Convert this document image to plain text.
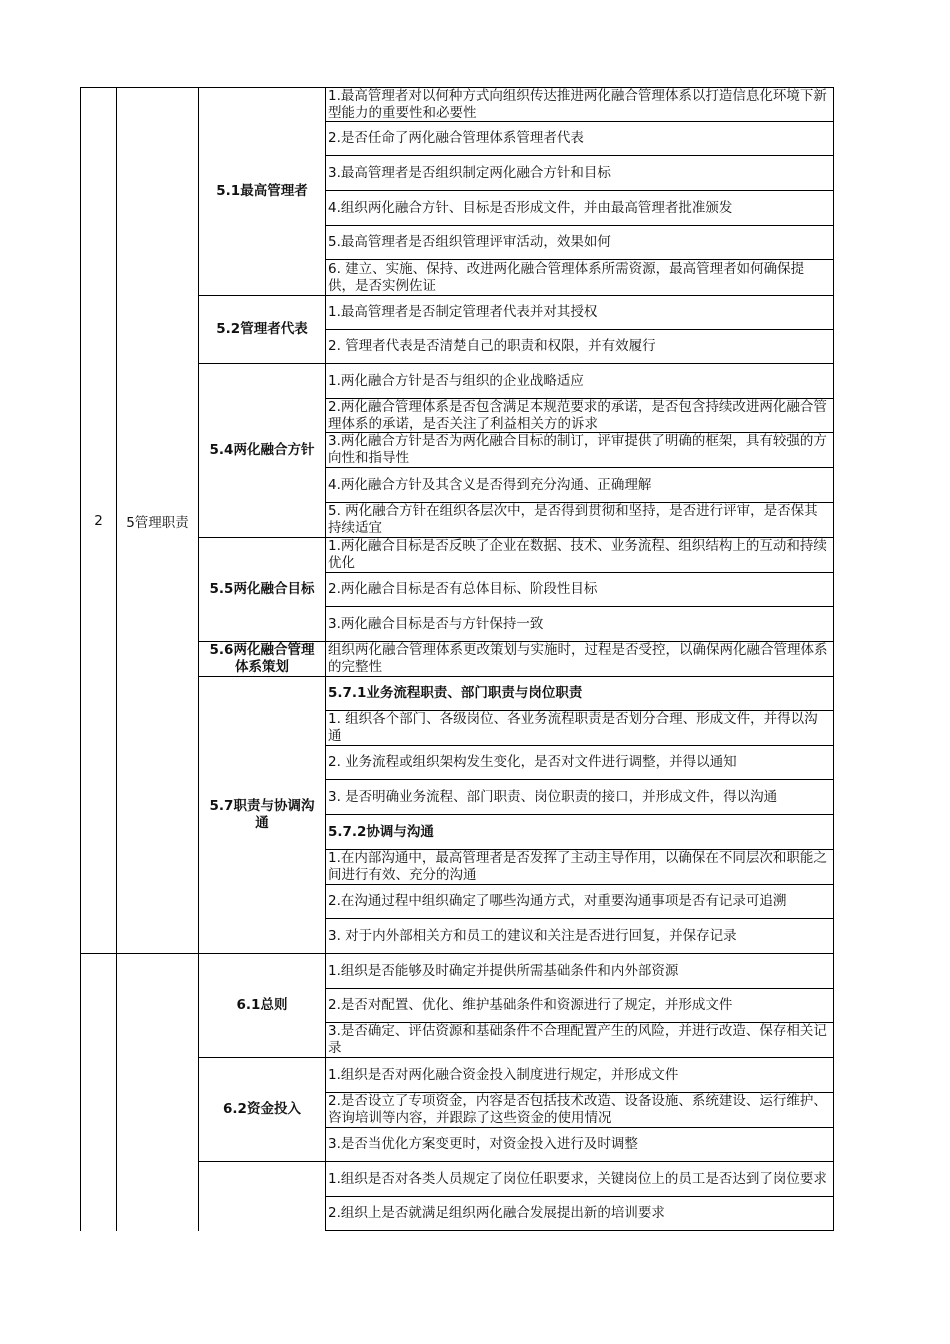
5.1最高管理者
1.最高管理者对以何种方式向组织传达推进两化融合管理体系以打造信息化环境下新型能力的重要性和必要性
2.是否任命了两化融合管理体系管理者代表
3.最高管理者是否组织制定两化融合方针和目标
4.组织两化融合方针、目标是否形成文件，并由最高管理者批准颁发
5.最高管理者是否组织管理评审活动，效果如何
6. 建立、实施、保持、改进两化融合管理体系所需资源，最高管理者如何确保提供，是否实例佐证
5.2管理者代表
1.最高管理者是否制定管理者代表并对其授权
2. 管理者代表是否清楚自己的职责和权限，并有效履行
5.4两化融合方针
1.两化融合方针是否与组织的企业战略适应
2.两化融合管理体系是否包含满足本规范要求的承诺，是否包含持续改进两化融合管理体系的承诺，是否关注了利益相关方的诉求
3.两化融合方针是否为两化融合目标的制订，评审提供了明确的框架，具有较强的方向性和指导性
4.两化融合方针及其含义是否得到充分沟通、正确理解
5. 两化融合方针在组织各层次中，是否得到贯彻和坚持，是否进行评审，是否保其持续适宜
5.5两化融合目标
1.两化融合目标是否反映了企业在数据、技术、业务流程、组织结构上的互动和持续优化
2.两化融合目标是否有总体目标、阶段性目标
3.两化融合目标是否与方针保持一致
5.6两化融合管理体系策划
组织两化融合管理体系更改策划与实施时，过程是否受控，以确保两化融合管理体系的完整性
5.7职责与协调沟通
5.7.1业务流程职责、部门职责与岗位职责
1. 组织各个部门、各级岗位、各业务流程职责是否划分合理、形成文件，并得以沟通
2. 业务流程或组织架构发生变化，是否对文件进行调整，并得以通知
3. 是否明确业务流程、部门职责、岗位职责的接口，并形成文件，得以沟通
5.7.2协调与沟通
1.在内部沟通中，最高管理者是否发挥了主动主导作用，以确保在不同层次和职能之间进行有效、充分的沟通
2.在沟通过程中组织确定了哪些沟通方式，对重要沟通事项是否有记录可追溯
3. 对于内外部相关方和员工的建议和关注是否进行回复，并保存记录
2	5管理职责
6.1总则
1.组织是否能够及时确定并提供所需基础条件和内外部资源
2.是否对配置、优化、维护基础条件和资源进行了规定，并形成文件
3.是否确定、评估资源和基础条件不合理配置产生的风险，并进行改造、保存相关记录
6.2资金投入
1.组织是否对两化融合资金投入制度进行规定，并形成文件
2.是否设立了专项资金，内容是否包括技术改造、设备设施、系统建设、运行维护、咨询培训等内容，并跟踪了这些资金的使用情况
3.是否当优化方案变更时，对资金投入进行及时调整
1.组织是否对各类人员规定了岗位任职要求，关键岗位上的员工是否达到了岗位要求
2.组织上是否就满足组织两化融合发展提出新的培训要求
